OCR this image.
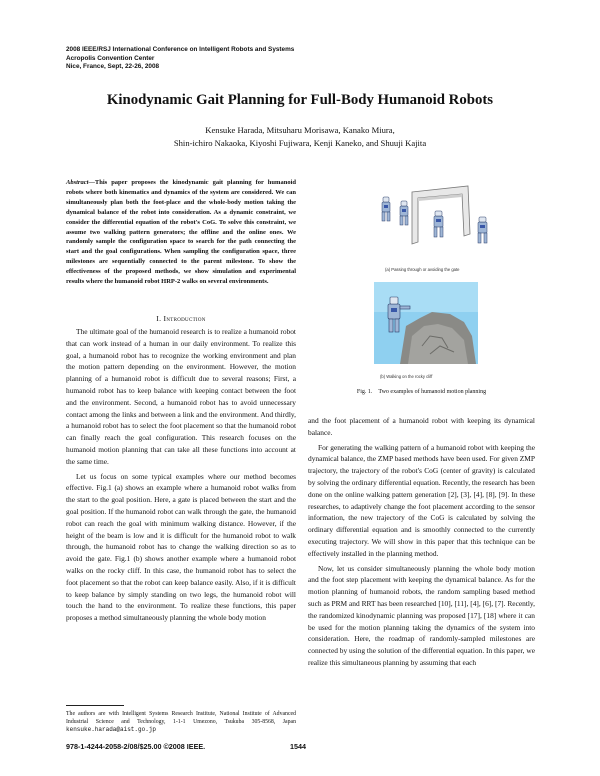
2008 IEEE/RSJ International Conference on Intelligent Robots and Systems
Acropolis Convention Center
Nice, France, Sept, 22-26, 2008
Kinodynamic Gait Planning for Full-Body Humanoid Robots
Kensuke Harada, Mitsuharu Morisawa, Kanako Miura,
Shin-ichiro Nakaoka, Kiyoshi Fujiwara, Kenji Kaneko, and Shuuji Kajita
Abstract—This paper proposes the kinodynamic gait planning for humanoid robots where both kinematics and dynamics of the system are considered. We can simultaneously plan both the foot-place and the whole-body motion taking the dynamical balance of the robot into consideration. As a dynamic constraint, we consider the differential equation of the robot's CoG. To solve this constraint, we assume two walking pattern generators; the offline and the online ones. We randomly sample the configuration space to search for the path connecting the start and the goal configurations. When sampling the configuration space, three milestones are sequentially connected to the parent milestone. To show the effectiveness of the proposed methods, we show simulation and experimental results where the humanoid robot HRP-2 walks on several environments.
I. Introduction

The ultimate goal of the humanoid research is to realize a humanoid robot that can work instead of a human in our daily environment. To realize this goal, a humanoid robot has to recognize the working environment and plan the motion pattern depending on the environment. However, the motion planning of a humanoid robot is difficult due to several reasons; First, a humanoid robot has to keep balance with keeping contact between the foot and the environment. Second, a humanoid robot has to avoid unnecessary contact among the links and between a link and the environment. And thirdly, a humanoid robot has to select the foot placement so that the humanoid robot can finally reach the goal configuration. This research focuses on the humanoid motion planning that can take all these functions into account at the same time.

Let us focus on some typical examples where our method becomes effective. Fig.1 (a) shows an example where a humanoid robot walks from the start to the goal position. Here, a gate is placed between the start and the goal position. If the humanoid robot can walk through the gate, the humanoid robot can reach the goal with minimum walking distance. However, if the height of the beam is low and it is difficult for the humanoid robot to walk through, the humanoid robot has to change the walking direction so as to avoid the gate. Fig.1 (b) shows another example where a humanoid robot walks on the rocky cliff. In this case, the humanoid robot has to select the foot placement so that the robot can keep balance easily. Also, if it is difficult to keep balance by simply standing on two legs, the humanoid robot will touch the hand to the environment. To realize these functions, this paper proposes a method simultaneously planning the whole body motion

The authors are with Intelligent Systems Research Institute, National Institute of Advanced Industrial Science and Technology, 1-1-1 Umezono, Tsukuba 305-8568, Japan kensuke.harada@aist.go.jp
(a) Passing through or avoiding the gate
(b) Walking on the rocky cliff
Fig. 1. Two examples of humanoid motion planning

and the foot placement of a humanoid robot with keeping its dynamical balance.

For generating the walking pattern of a humanoid robot with keeping the dynamical balance, the ZMP based methods have been used. For given ZMP trajectory, the trajectory of the robot's CoG (center of gravity) is calculated by solving the ordinary differential equation. Recently, the research has been done on the online walking pattern generation [2], [3], [4], [8], [9]. In these researches, to adaptively change the foot placement according to the sensor information, the new trajectory of the CoG is calculated by solving the ordinary differential equation and is smoothly connected to the currently executing trajectory. We will show in this paper that this technique can be effectively installed in the planning method.

Now, let us consider simultaneously planning the whole body motion and the foot step placement with keeping the dynamical balance. As for the motion planning of humanoid robots, the random sampling based method such as PRM and RRT has been researched [10], [11], [4], [6], [7]. Recently, the randomized kinodynamic planning was proposed [17], [18] where it can be used for the motion planning taking the dynamics of the system into consideration. Here, the roadmap of randomly-sampled milestones are connected by using the solution of the differential equation. In this paper, we realize this simultaneous planning by assuming that each

978-1-4244-2058-2/08/$25.00 ©2008 IEEE.	1544
